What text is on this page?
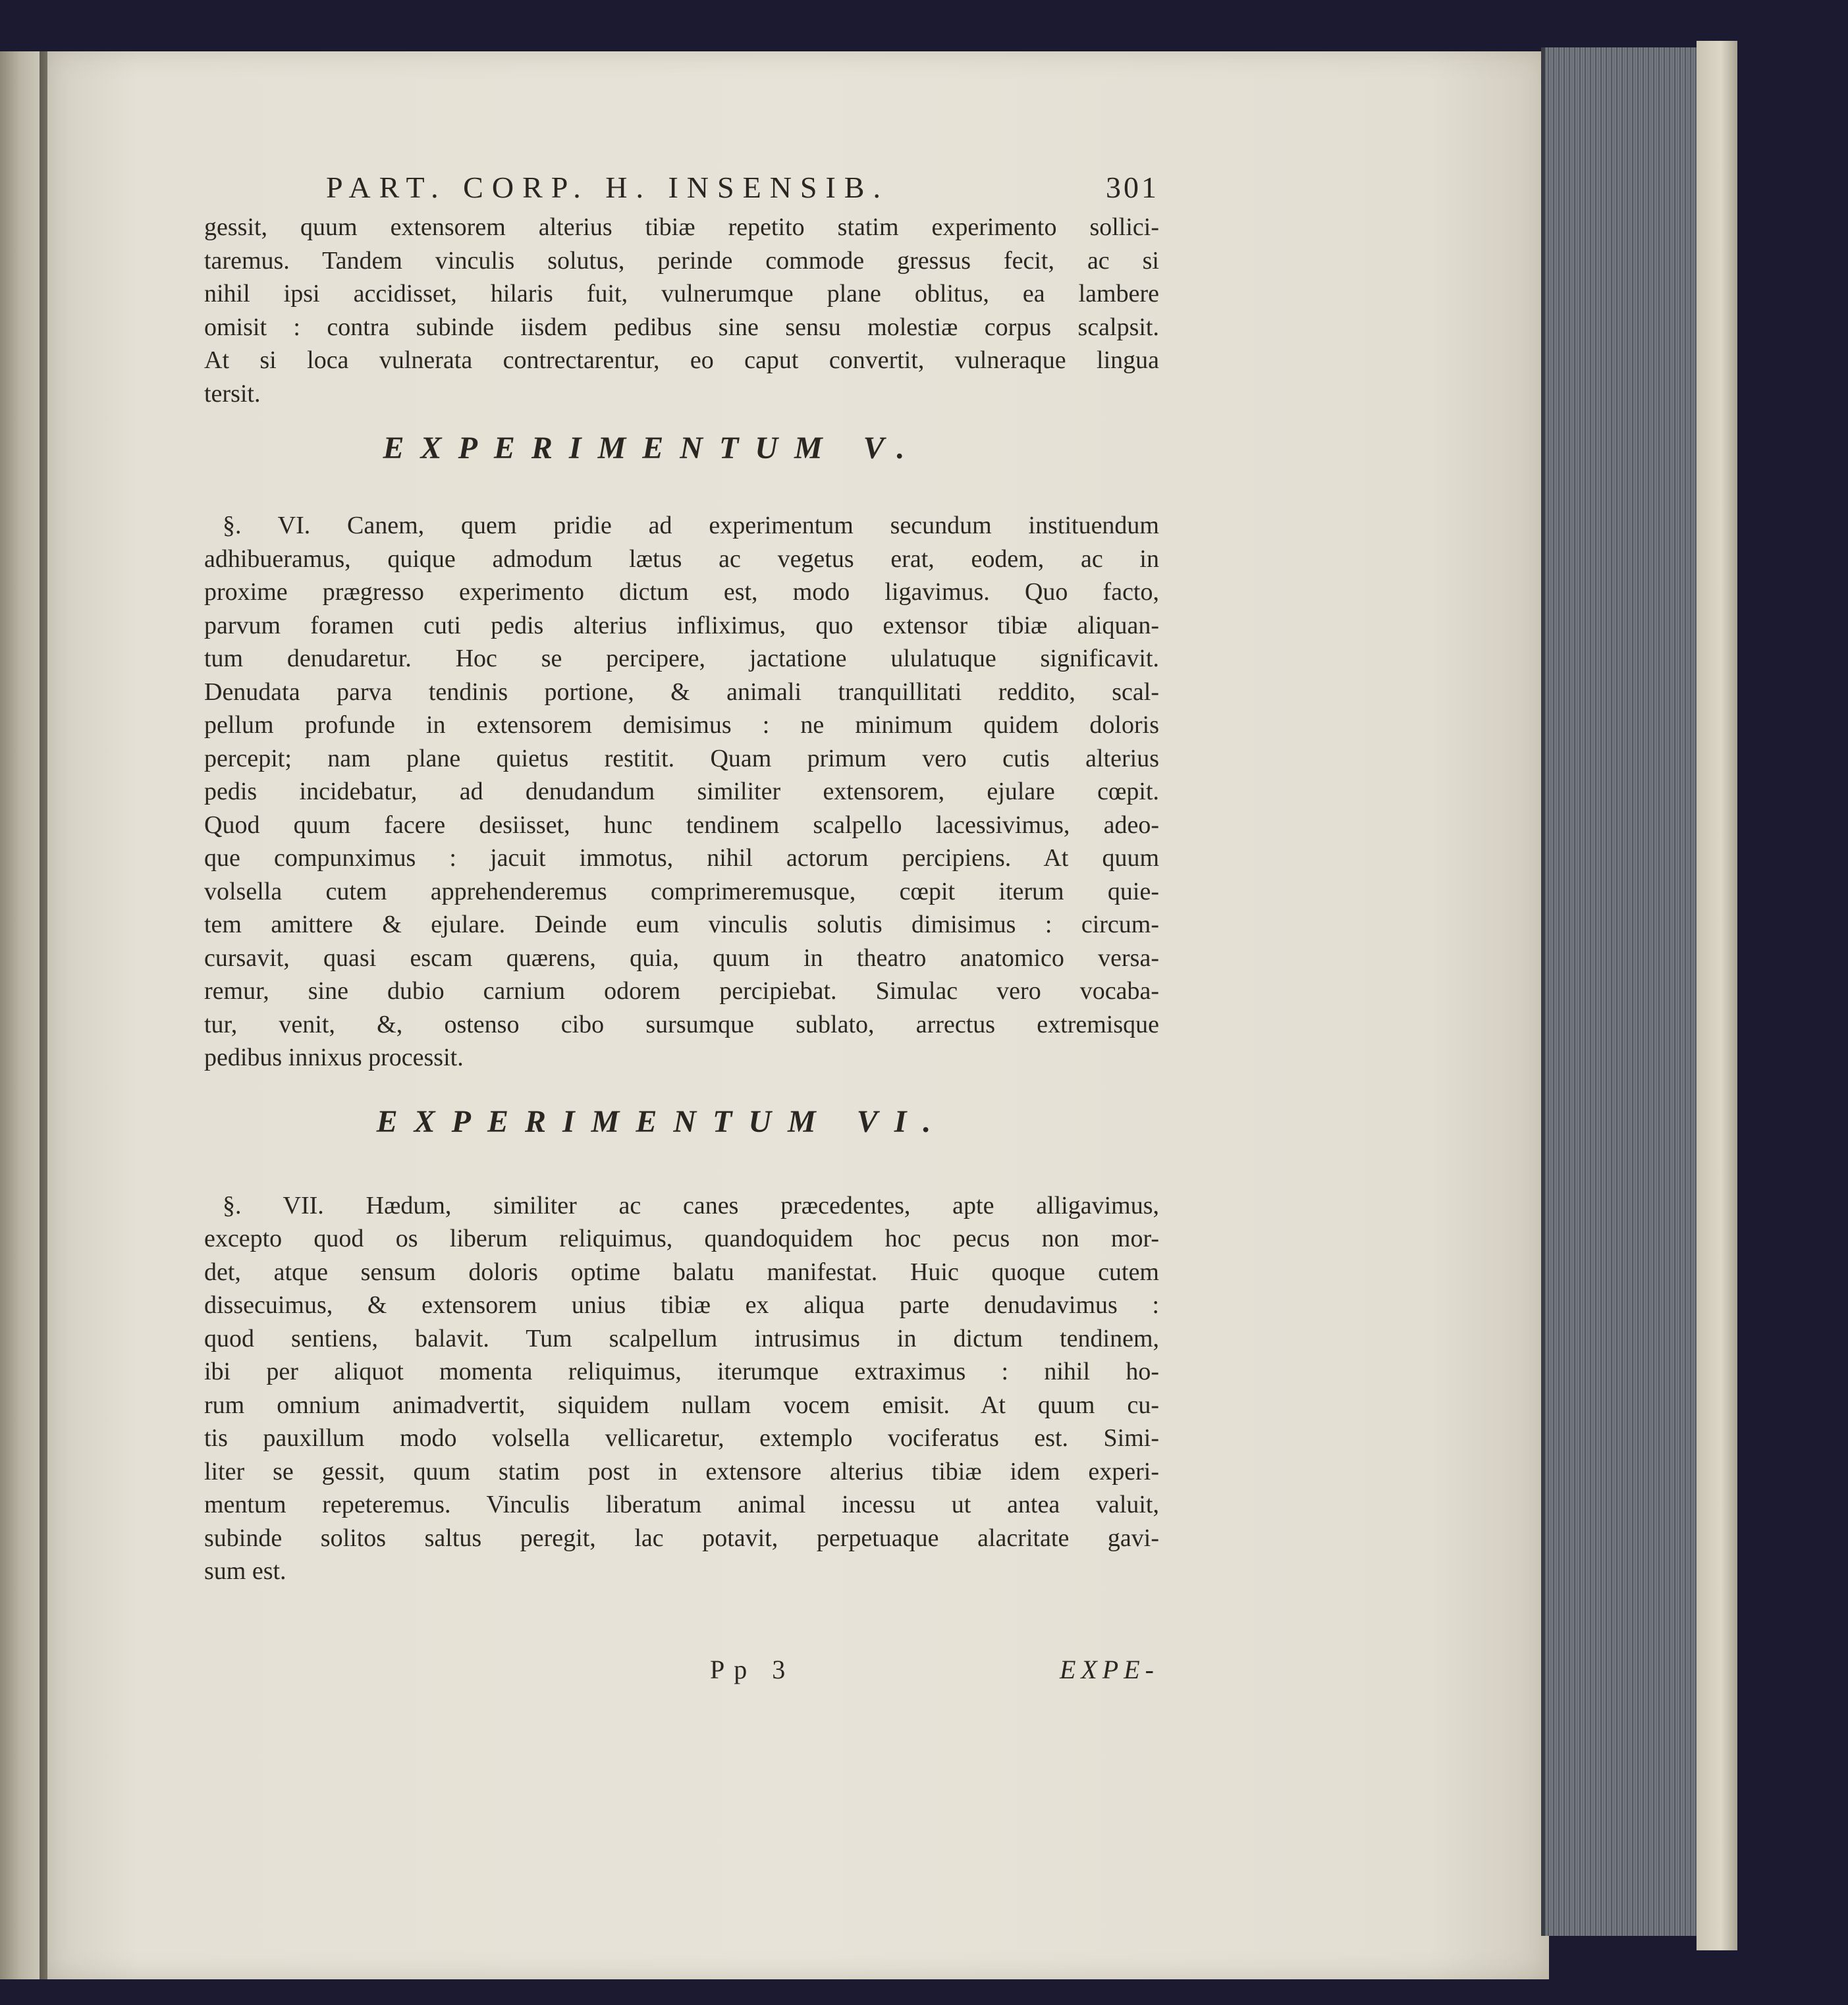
PART. CORP. H. INSENSIB.	301

gessit, quum extensorem alterius tibiæ repetito statim experimento sollici-
taremus. Tandem vinculis solutus, perinde commode gressus fecit, ac si
nihil ipsi accidisset, hilaris fuit, vulnerumque plane oblitus, ea lambere
omisit : contra subinde iisdem pedibus sine sensu molestiæ corpus scalpsit.
At si loca vulnerata contrectarentur, eo caput convertit, vulneraque lingua
tersit.

EXPERIMENTUM V.

§. VI. Canem, quem pridie ad experimentum secundum instituendum
adhibueramus, quique admodum lætus ac vegetus erat, eodem, ac in
proxime prægresso experimento dictum est, modo ligavimus. Quo facto,
parvum foramen cuti pedis alterius infliximus, quo extensor tibiæ aliquan-
tum denudaretur. Hoc se percipere, jactatione ululatuque significavit.
Denudata parva tendinis portione, & animali tranquillitati reddito, scal-
pellum profunde in extensorem demisimus : ne minimum quidem doloris
percepit; nam plane quietus restitit. Quam primum vero cutis alterius
pedis incidebatur, ad denudandum similiter extensorem, ejulare cœpit.
Quod quum facere desiisset, hunc tendinem scalpello lacessivimus, adeo-
que compunximus : jacuit immotus, nihil actorum percipiens. At quum
volsella cutem apprehenderemus comprimeremusque, cœpit iterum quie-
tem amittere & ejulare. Deinde eum vinculis solutis dimisimus : circum-
cursavit, quasi escam quærens, quia, quum in theatro anatomico versa-
remur, sine dubio carnium odorem percipiebat. Simulac vero vocaba-
tur, venit, &, ostenso cibo sursumque sublato, arrectus extremisque
pedibus innixus processit.

EXPERIMENTUM VI.

§. VII. Hædum, similiter ac canes præcedentes, apte alligavimus,
excepto quod os liberum reliquimus, quandoquidem hoc pecus non mor-
det, atque sensum doloris optime balatu manifestat. Huic quoque cutem
dissecuimus, & extensorem unius tibiæ ex aliqua parte denudavimus :
quod sentiens, balavit. Tum scalpellum intrusimus in dictum tendinem,
ibi per aliquot momenta reliquimus, iterumque extraximus : nihil ho-
rum omnium animadvertit, siquidem nullam vocem emisit. At quum cu-
tis pauxillum modo volsella vellicaretur, extemplo vociferatus est. Simi-
liter se gessit, quum statim post in extensore alterius tibiæ idem experi-
mentum repeteremus. Vinculis liberatum animal incessu ut antea valuit,
subinde solitos saltus peregit, lac potavit, perpetuaque alacritate gavi-
sum est.

Pp 3	EXPE-
